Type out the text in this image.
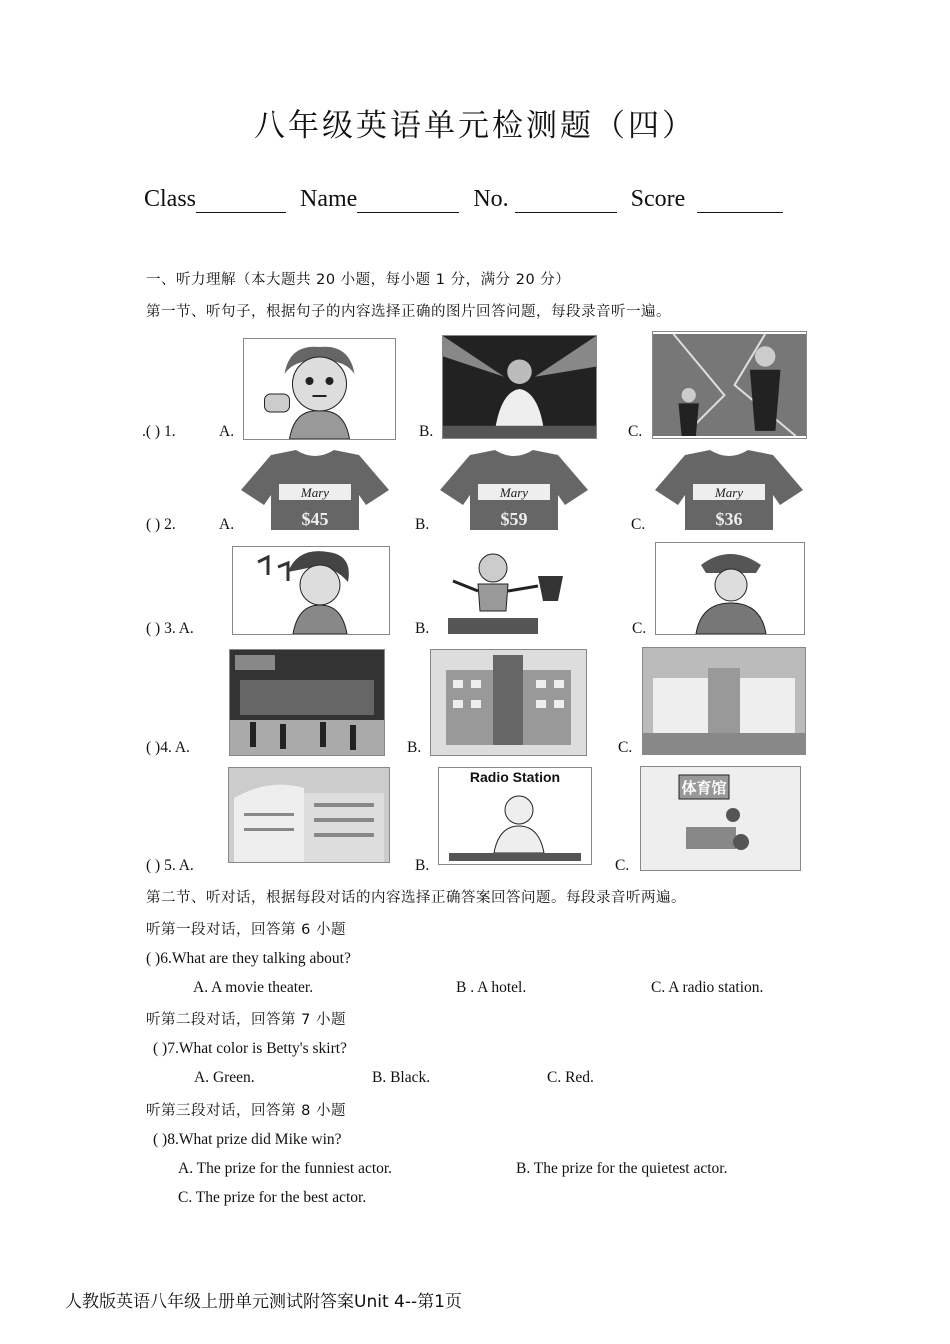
八年级英语单元检测题（四）
Class	Name	No.	Score
一、听力理解（本大题共 20 小题，每小题 1 分，满分 20 分）
第一节、听句子，根据句子的内容选择正确的图片回答问题，每段录音听一遍。
.( ) 1.	A.	B.	C.
( ) 2.	A.
Mary
$45	B.
Mary
$59	C.
Mary
$36
( ) 3. A.	B.	C.
( )4. A.	B.	C.
( ) 5. A.	B.
Radio Station
C.
体育馆
第二节、听对话，根据每段对话的内容选择正确答案回答问题。每段录音听两遍。
听第一段对话，回答第 6 小题
( )6.What are they talking about?
A. A movie theater.	B . A hotel.	C. A radio station.
听第二段对话，回答第 7 小题
( )7.What color is Betty's skirt?
A. Green.	B. Black.	C. Red.
听第三段对话，回答第 8 小题
( )8.What prize did Mike win?
A. The prize for the funniest actor.	B. The prize for the quietest actor.
C. The prize for the best actor.
人教版英语八年级上册单元测试附答案Unit 4--第1页
